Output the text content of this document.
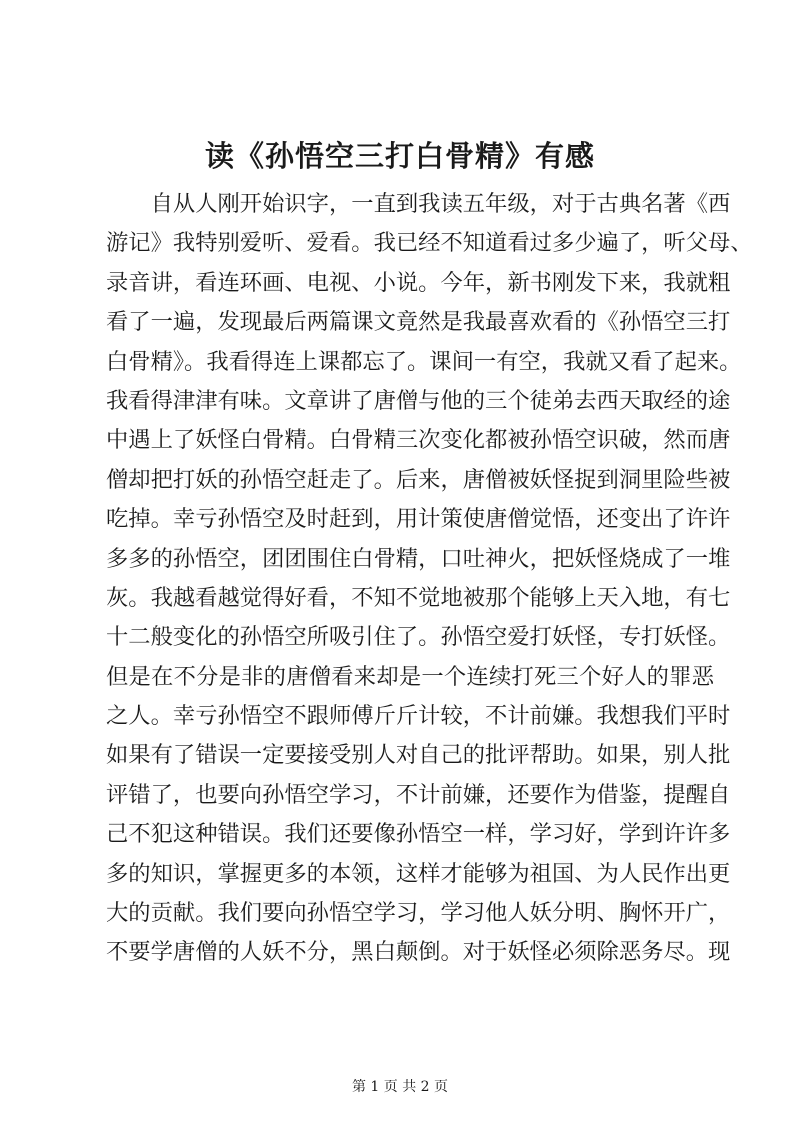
读《孙悟空三打白骨精》有感
　　自从人刚开始识字，一直到我读五年级，对于古典名著《西
游记》我特别爱听、爱看。我已经不知道看过多少遍了，听父母、
录音讲，看连环画、电视、小说。今年，新书刚发下来，我就粗
看了一遍，发现最后两篇课文竟然是我最喜欢看的《孙悟空三打
白骨精》。我看得连上课都忘了。课间一有空，我就又看了起来。
我看得津津有味。文章讲了唐僧与他的三个徒弟去西天取经的途
中遇上了妖怪白骨精。白骨精三次变化都被孙悟空识破，然而唐
僧却把打妖的孙悟空赶走了。后来，唐僧被妖怪捉到洞里险些被
吃掉。幸亏孙悟空及时赶到，用计策使唐僧觉悟，还变出了许许
多多的孙悟空，团团围住白骨精，口吐神火，把妖怪烧成了一堆
灰。我越看越觉得好看，不知不觉地被那个能够上天入地，有七
十二般变化的孙悟空所吸引住了。孙悟空爱打妖怪，专打妖怪。
但是在不分是非的唐僧看来却是一个连续打死三个好人的罪恶
之人。幸亏孙悟空不跟师傅斤斤计较，不计前嫌。我想我们平时
如果有了错误一定要接受别人对自己的批评帮助。如果，别人批
评错了，也要向孙悟空学习，不计前嫌，还要作为借鉴，提醒自
己不犯这种错误。我们还要像孙悟空一样，学习好，学到许许多
多的知识，掌握更多的本领，这样才能够为祖国、为人民作出更
大的贡献。我们要向孙悟空学习，学习他人妖分明、胸怀开广，
不要学唐僧的人妖不分，黑白颠倒。对于妖怪必须除恶务尽。现
第 1 页 共 2 页
